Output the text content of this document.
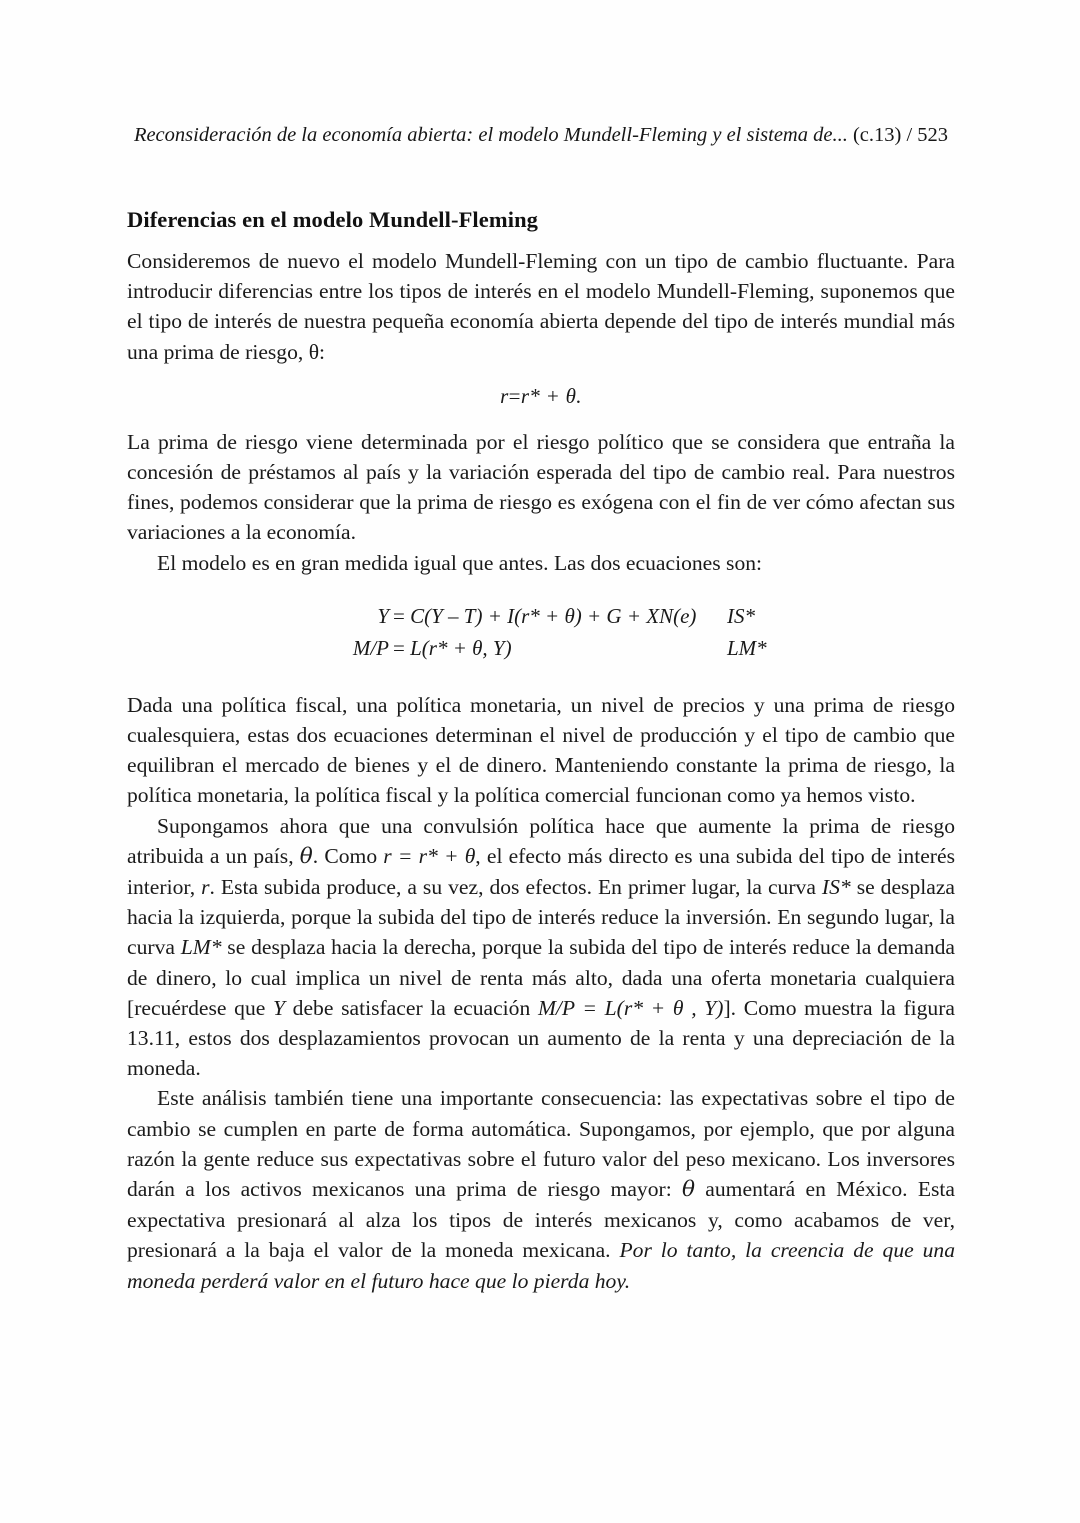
Reconsideración de la economía abierta: el modelo Mundell-Fleming y el sistema de... (c.13) / 523
Diferencias en el modelo Mundell-Fleming

Consideremos de nuevo el modelo Mundell-Fleming con un tipo de cambio fluctuante. Para introducir diferencias entre los tipos de interés en el modelo Mundell-Fleming, suponemos que el tipo de interés de nuestra pequeña economía abierta depende del tipo de interés mundial más una prima de riesgo, θ:

r=r* + θ.

La prima de riesgo viene determinada por el riesgo político que se considera que entraña la concesión de préstamos al país y la variación esperada del tipo de cambio real. Para nuestros fines, podemos considerar que la prima de riesgo es exógena con el fin de ver cómo afectan sus variaciones a la economía.

El modelo es en gran medida igual que antes. Las dos ecuaciones son:

Y = C(Y – T) + I(r* + θ) + G + XN(e) IS*
M/P = L(r* + θ, Y)	LM*

Dada una política fiscal, una política monetaria, un nivel de precios y una prima de riesgo cualesquiera, estas dos ecuaciones determinan el nivel de producción y el tipo de cambio que equilibran el mercado de bienes y el de dinero. Manteniendo constante la prima de riesgo, la política monetaria, la política fiscal y la política comercial funcionan como ya hemos visto.

Supongamos ahora que una convulsión política hace que aumente la prima de riesgo atribuida a un país, θ. Como r = r* + θ, el efecto más directo es una subida del tipo de interés interior, r. Esta subida produce, a su vez, dos efectos. En primer lugar, la curva IS* se desplaza hacia la izquierda, porque la subida del tipo de interés reduce la inversión. En segundo lugar, la curva LM* se desplaza hacia la derecha, porque la subida del tipo de interés reduce la demanda de dinero, lo cual implica un nivel de renta más alto, dada una oferta monetaria cualquiera [recuérdese que Y debe satisfacer la ecuación M/P = L(r* + θ , Y)]. Como muestra la figura 13.11, estos dos desplazamientos provocan un aumento de la renta y una depreciación de la moneda.

Este análisis también tiene una importante consecuencia: las expectativas sobre el tipo de cambio se cumplen en parte de forma automática. Supongamos, por ejemplo, que por alguna razón la gente reduce sus expectativas sobre el futuro valor del peso mexicano. Los inversores darán a los activos mexicanos una prima de riesgo mayor: θ aumentará en México. Esta expectativa presionará al alza los tipos de interés mexicanos y, como acabamos de ver, presionará a la baja el valor de la moneda mexicana. Por lo tanto, la creencia de que una moneda perderá valor en el futuro hace que lo pierda hoy.
